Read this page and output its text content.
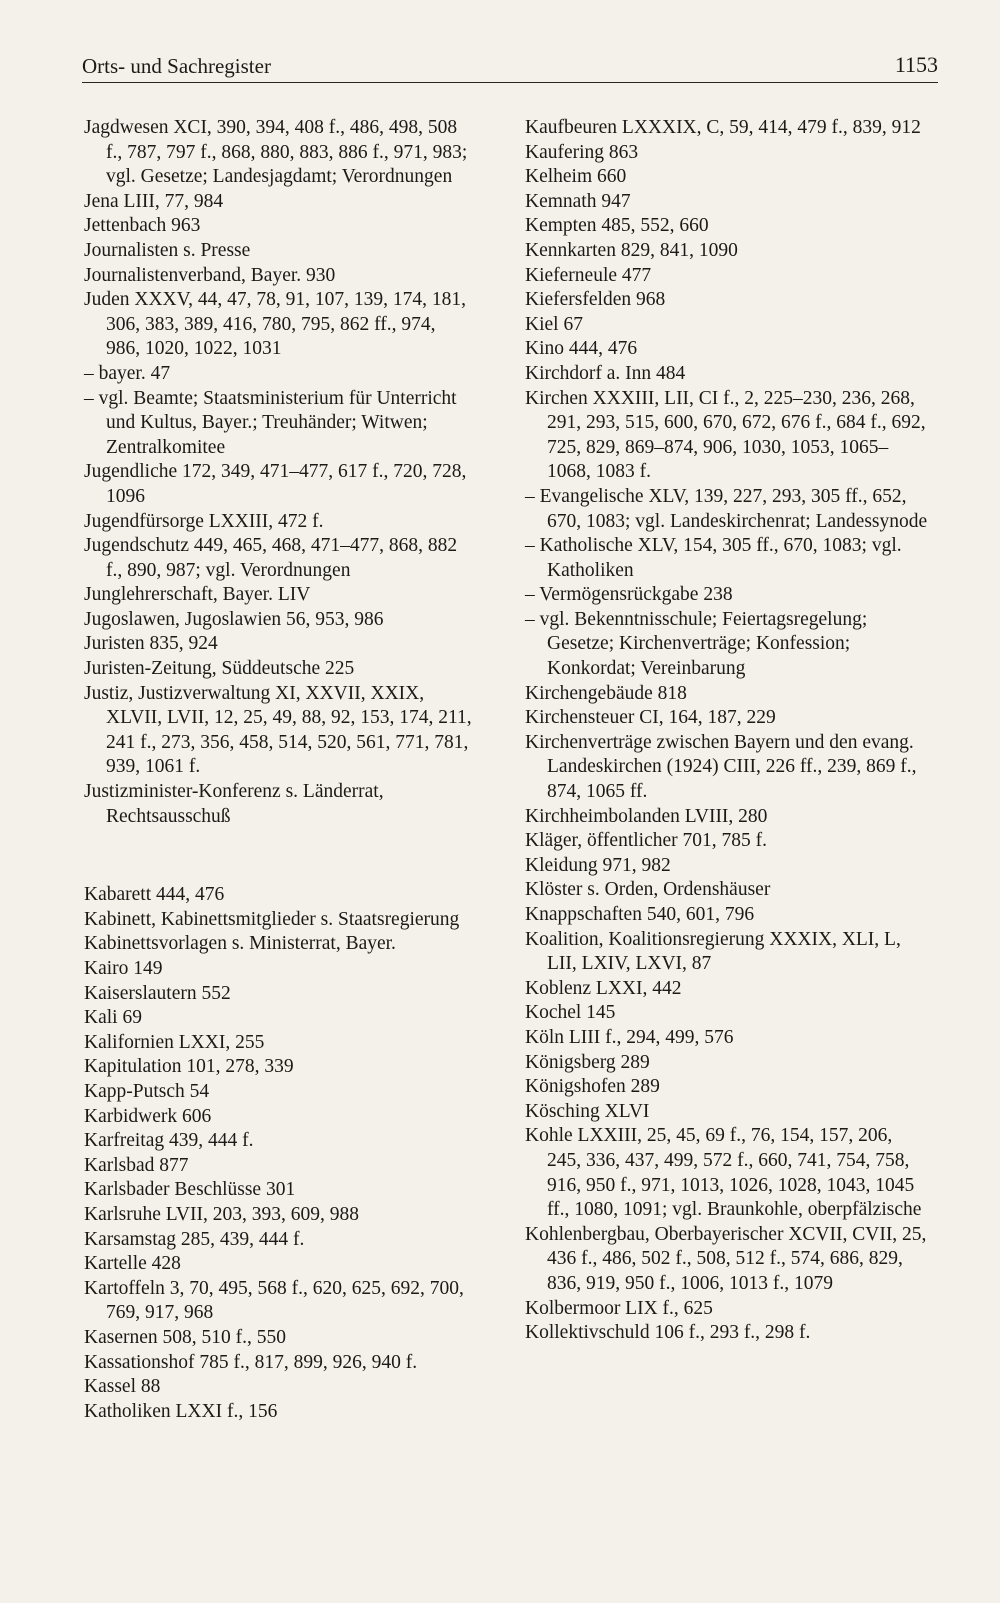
Orts- und Sachregister	1153

Jagdwesen XCI, 390, 394, 408 f., 486, 498, 508 f., 787, 797 f., 868, 880, 883, 886 f., 971, 983; vgl. Gesetze; Landesjagdamt; Verordnungen

Jena LIII, 77, 984

Jettenbach 963

Journalisten s. Presse

Journalistenverband, Bayer. 930

Juden XXXV, 44, 47, 78, 91, 107, 139, 174, 181, 306, 383, 389, 416, 780, 795, 862 ff., 974, 986, 1020, 1022, 1031

– bayer. 47

– vgl. Beamte; Staatsministerium für Unterricht und Kultus, Bayer.; Treuhänder; Witwen; Zentralkomitee

Jugendliche 172, 349, 471–477, 617 f., 720, 728, 1096

Jugendfürsorge LXXIII, 472 f.

Jugendschutz 449, 465, 468, 471–477, 868, 882 f., 890, 987; vgl. Verordnungen

Junglehrerschaft, Bayer. LIV

Jugoslawen, Jugoslawien 56, 953, 986

Juristen 835, 924

Juristen-Zeitung, Süddeutsche 225

Justiz, Justizverwaltung XI, XXVII, XXIX, XLVII, LVII, 12, 25, 49, 88, 92, 153, 174, 211, 241 f., 273, 356, 458, 514, 520, 561, 771, 781, 939, 1061 f.

Justizminister-Konferenz s. Länderrat, Rechtsausschuß

Kabarett 444, 476

Kabinett, Kabinettsmitglieder s. Staatsregierung

Kabinettsvorlagen s. Ministerrat, Bayer.

Kairo 149

Kaiserslautern 552

Kali 69

Kalifornien LXXI, 255

Kapitulation 101, 278, 339

Kapp-Putsch 54

Karbidwerk 606

Karfreitag 439, 444 f.

Karlsbad 877

Karlsbader Beschlüsse 301

Karlsruhe LVII, 203, 393, 609, 988

Karsamstag 285, 439, 444 f.

Kartelle 428

Kartoffeln 3, 70, 495, 568 f., 620, 625, 692, 700, 769, 917, 968

Kasernen 508, 510 f., 550

Kassationshof 785 f., 817, 899, 926, 940 f.

Kassel 88

Katholiken LXXI f., 156

Kaufbeuren LXXXIX, C, 59, 414, 479 f., 839, 912

Kaufering 863

Kelheim 660

Kemnath 947

Kempten 485, 552, 660

Kennkarten 829, 841, 1090

Kieferneule 477

Kiefersfelden 968

Kiel 67

Kino 444, 476

Kirchdorf a. Inn 484

Kirchen XXXIII, LII, CI f., 2, 225–230, 236, 268, 291, 293, 515, 600, 670, 672, 676 f., 684 f., 692, 725, 829, 869–874, 906, 1030, 1053, 1065–1068, 1083 f.

– Evangelische XLV, 139, 227, 293, 305 ff., 652, 670, 1083; vgl. Landeskirchenrat; Landessynode

– Katholische XLV, 154, 305 ff., 670, 1083; vgl. Katholiken

– Vermögensrückgabe 238

– vgl. Bekenntnisschule; Feiertagsregelung; Gesetze; Kirchenverträge; Konfession; Konkordat; Vereinbarung

Kirchengebäude 818

Kirchensteuer CI, 164, 187, 229

Kirchenverträge zwischen Bayern und den evang. Landeskirchen (1924) CIII, 226 ff., 239, 869 f., 874, 1065 ff.

Kirchheimbolanden LVIII, 280

Kläger, öffentlicher 701, 785 f.

Kleidung 971, 982

Klöster s. Orden, Ordenshäuser

Knappschaften 540, 601, 796

Koalition, Koalitionsregierung XXXIX, XLI, L, LII, LXIV, LXVI, 87

Koblenz LXXI, 442

Kochel 145

Köln LIII f., 294, 499, 576

Königsberg 289

Königshofen 289

Kösching XLVI

Kohle LXXIII, 25, 45, 69 f., 76, 154, 157, 206, 245, 336, 437, 499, 572 f., 660, 741, 754, 758, 916, 950 f., 971, 1013, 1026, 1028, 1043, 1045 ff., 1080, 1091; vgl. Braunkohle, oberpfälzische

Kohlenbergbau, Oberbayerischer XCVII, CVII, 25, 436 f., 486, 502 f., 508, 512 f., 574, 686, 829, 836, 919, 950 f., 1006, 1013 f., 1079

Kolbermoor LIX f., 625

Kollektivschuld 106 f., 293 f., 298 f.
